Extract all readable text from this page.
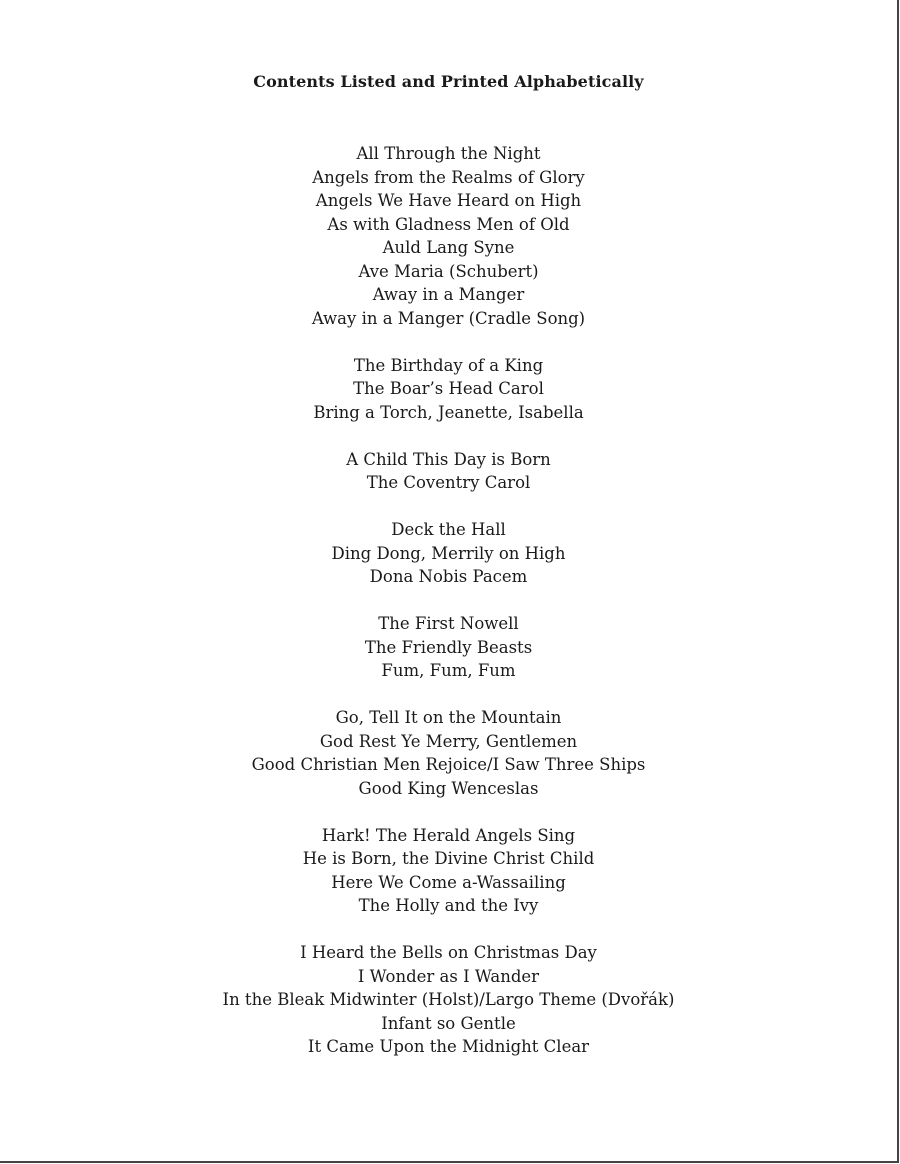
Contents Listed and Printed Alphabetically
All Through the Night
Angels from the Realms of Glory
Angels We Have Heard on High
As with Gladness Men of Old
Auld Lang Syne
Ave Maria (Schubert)
Away in a Manger
Away in a Manger (Cradle Song)
The Birthday of a King
The Boar’s Head Carol
Bring a Torch, Jeanette, Isabella
A Child This Day is Born
The Coventry Carol
Deck the Hall
Ding Dong, Merrily on High
Dona Nobis Pacem
The First Nowell
The Friendly Beasts
Fum, Fum, Fum
Go, Tell It on the Mountain
God Rest Ye Merry, Gentlemen
Good Christian Men Rejoice/I Saw Three Ships
Good King Wenceslas
Hark! The Herald Angels Sing
He is Born, the Divine Christ Child
Here We Come a-Wassailing
The Holly and the Ivy
I Heard the Bells on Christmas Day
I Wonder as I Wander
In the Bleak Midwinter (Holst)/Largo Theme (Dvořák)
Infant so Gentle
It Came Upon the Midnight Clear
